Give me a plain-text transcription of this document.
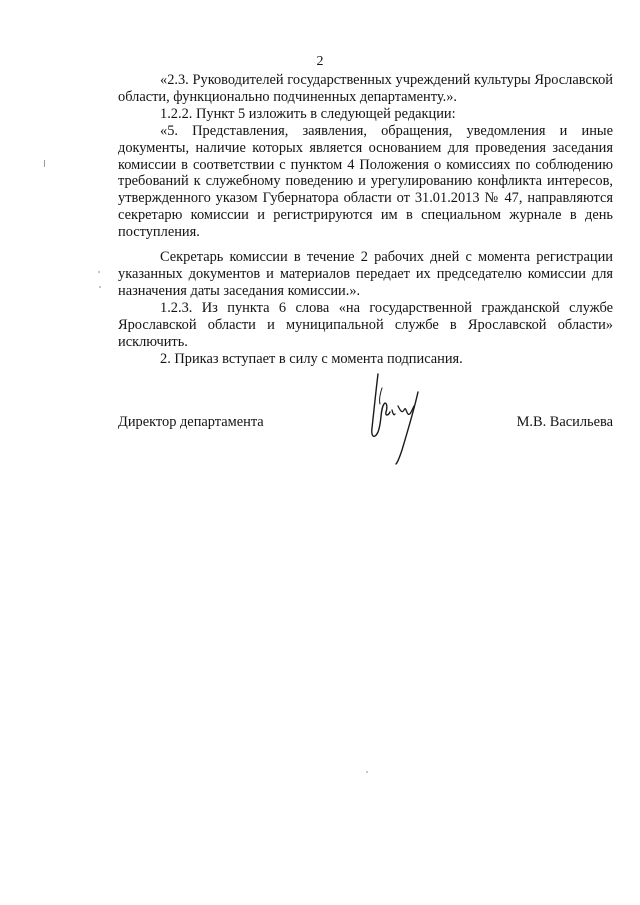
2

«2.3. Руководителей государственных учреждений культуры Ярославской области, функционально подчиненных департаменту.».

1.2.2. Пункт 5 изложить в следующей редакции:

«5. Представления, заявления, обращения, уведомления и иные документы, наличие которых является основанием для проведения заседания комиссии в соответствии с пунктом 4 Положения о комиссиях по соблюдению требований к служебному поведению и урегулированию конфликта интересов, утвержденного указом Губернатора области от 31.01.2013 № 47, направляются секретарю комиссии и регистрируются им в специальном журнале в день поступления.

Секретарь комиссии в течение 2 рабочих дней с момента регистрации указанных документов и материалов передает их председателю комиссии для назначения даты заседания комиссии.».

1.2.3. Из пункта 6 слова «на государственной гражданской службе Ярославской области и муниципальной службе в Ярославской области» исключить.

2. Приказ вступает в силу с момента подписания.

Директор департамента	М.В. Васильева
